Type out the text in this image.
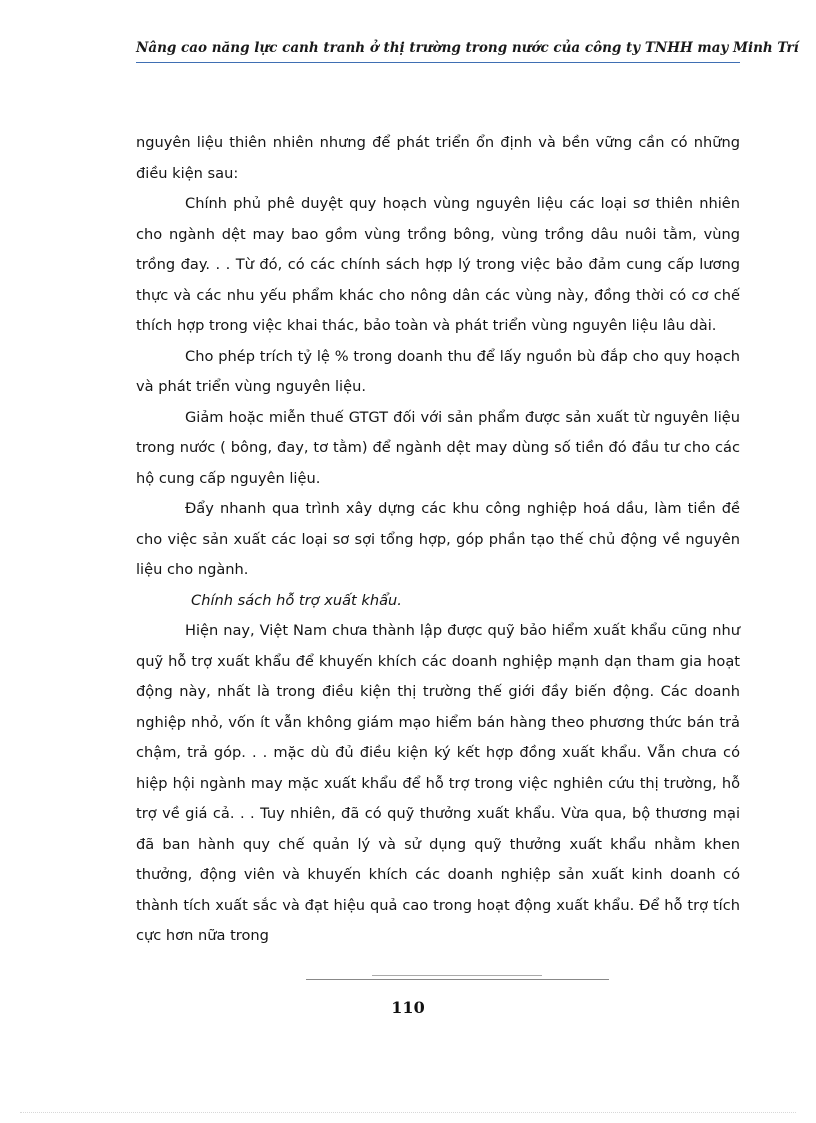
Nâng cao năng lực canh tranh ở thị trường trong nước của công ty TNHH may Minh Trí

nguyên liệu thiên nhiên nhưng để phát triển ổn định và bền vững cần có những điều kiện sau:

Chính phủ phê duyệt quy hoạch vùng nguyên liệu các loại sơ thiên nhiên cho ngành dệt may bao gồm vùng trồng bông, vùng trồng dâu nuôi tằm, vùng trồng đay. . . Từ đó, có các chính sách hợp lý trong việc bảo đảm cung cấp lương thực và các nhu yếu phẩm khác cho nông dân các vùng này, đồng thời có cơ chế thích hợp trong việc khai thác, bảo toàn và phát triển vùng nguyên liệu lâu dài.

Cho phép trích tỷ lệ % trong doanh thu để lấy nguồn bù đắp cho quy hoạch và phát triển vùng nguyên liệu.

Giảm hoặc miễn thuế GTGT đối với sản phẩm được sản xuất từ nguyên liệu trong nước ( bông, đay, tơ tằm) để ngành dệt may dùng số tiền đó đầu tư cho các hộ cung cấp nguyên liệu.

Đẩy nhanh qua trình xây dựng các khu công nghiệp hoá dầu, làm tiền đề cho việc sản xuất các loại sơ sợi tổng hợp, góp phần tạo thế chủ động về nguyên liệu cho ngành.

Chính sách hỗ trợ xuất khẩu.

Hiện nay, Việt Nam chưa thành lập được quỹ bảo hiểm xuất khẩu cũng như quỹ hỗ trợ xuất khẩu để khuyến khích các doanh nghiệp mạnh dạn tham gia hoạt động này, nhất là trong điều kiện thị trường thế giới đầy biến động. Các doanh nghiệp nhỏ, vốn ít vẫn không giám mạo hiểm bán hàng theo phương thức bán trả chậm, trả góp. . . mặc dù đủ điều kiện ký kết hợp đồng xuất khẩu. Vẫn chưa có hiệp hội ngành may mặc xuất khẩu để hỗ trợ trong việc nghiên cứu thị trường, hỗ trợ về giá cả. . . Tuy nhiên, đã có quỹ thưởng xuất khẩu. Vừa qua, bộ thương mại đã ban hành quy chế quản lý và sử dụng quỹ thưởng xuất khẩu nhằm khen thưởng, động viên và khuyến khích các doanh nghiệp sản xuất kinh doanh có thành tích xuất sắc và đạt hiệu quả cao trong hoạt động xuất khẩu. Để hỗ trợ tích cực hơn nữa trong

110
